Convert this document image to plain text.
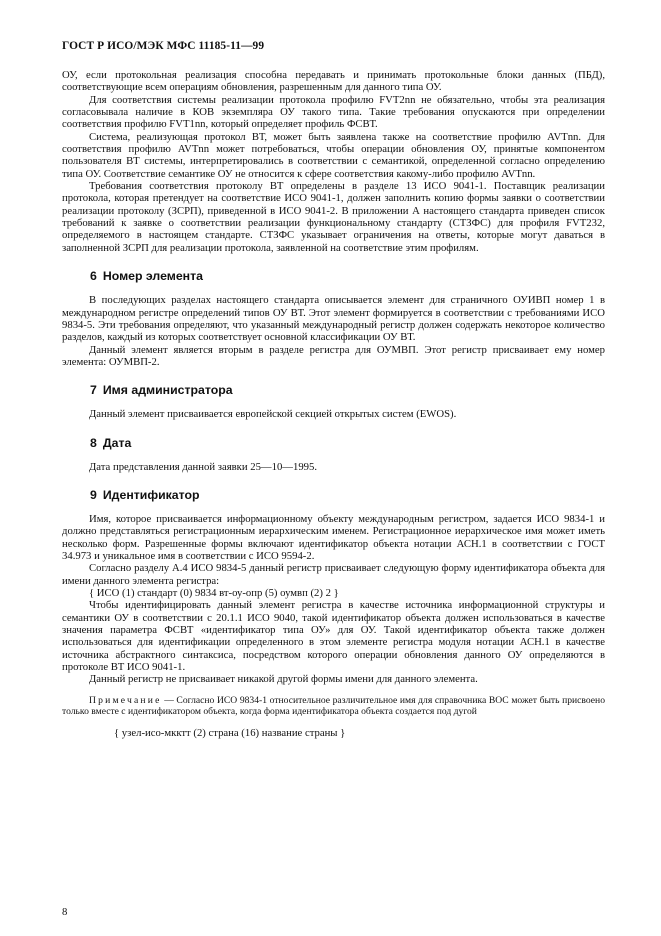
ГОСТ Р ИСО/МЭК МФС 11185-11—99

ОУ, если протокольная реализация способна передавать и принимать протокольные блоки данных (ПБД), соответствующие всем операциям обновления, разрешенным для данного типа ОУ.

Для соответствия системы реализации протокола профилю FVT2nn не обязательно, чтобы эта реализация согласовывала наличие в КОВ экземпляра ОУ такого типа. Такие требования опускаются при определении соответствия профилю FVT1nn, который определяет профиль ФСВТ.

Система, реализующая протокол ВТ, может быть заявлена также на соответствие профилю AVTnn. Для соответствия профилю AVTnn может потребоваться, чтобы операции обновления ОУ, принятые компонентом пользователя ВТ системы, интерпретировались в соответствии с семантикой, определенной согласно определению типа ОУ. Соответствие семантике ОУ не относится к сфере соответствия какому-либо профилю AVTnn.

Требования соответствия протоколу ВТ определены в разделе 13 ИСО 9041-1. Поставщик реализации протокола, которая претендует на соответствие ИСО 9041-1, должен заполнить копию формы заявки о соответствии реализации протоколу (ЗСРП), приведенной в ИСО 9041-2. В приложении А настоящего стандарта приведен список требований к заявке о соответствии реализации функциональному стандарту (СТЗФС) для профиля FVT232, определяемого в настоящем стандарте. СТЗФС указывает ограничения на ответы, которые могут даваться в заполненной ЗСРП для реализации протокола, заявленной на соответствие этим профилям.

6 Номер элемента

В последующих разделах настоящего стандарта описывается элемент для страничного ОУИВП номер 1 в международном регистре определений типов ОУ ВТ. Этот элемент формируется в соответствии с требованиями ИСО 9834-5. Эти требования определяют, что указанный международный регистр должен содержать некоторое количество разделов, каждый из которых соответствует основной классификации ОУ ВТ.

Данный элемент является вторым в разделе регистра для ОУМВП. Этот регистр присваивает ему номер элемента: ОУМВП-2.

7 Имя администратора

Данный элемент присваивается европейской секцией открытых систем (EWOS).

8 Дата

Дата представления данной заявки 25—10—1995.

9 Идентификатор

Имя, которое присваивается информационному объекту международным регистром, задается ИСО 9834-1 и должно представляться регистрационным иерархическим именем. Регистрационное иерархическое имя может иметь несколько форм. Разрешенные формы включают идентификатор объекта нотации АСН.1 в соответствии с ГОСТ 34.973 и уникальное имя в соответствии с ИСО 9594-2.

Согласно разделу А.4 ИСО 9834-5 данный регистр присваивает следующую форму идентификатора объекта для имени данного элемента регистра:

{ ИСО (1) стандарт (0) 9834 вт-оу-опр (5) оумвп (2) 2 }

Чтобы идентифицировать данный элемент регистра в качестве источника информационной структуры и семантики ОУ в соответствии с 20.1.1 ИСО 9040, такой идентификатор объекта должен использоваться в качестве значения параметра ФСВТ «идентификатор типа ОУ» для ОУ. Такой идентификатор объекта также должен использоваться для идентификации определенного в этом элементе регистра модуля нотации АСН.1 в качестве источника абстрактного синтаксиса, посредством которого операции обновления данного ОУ определяются в протоколе ВТ ИСО 9041-1.

Данный регистр не присваивает никакой другой формы имени для данного элемента.

Примечание — Согласно ИСО 9834-1 относительное различительное имя для справочника ВОС может быть присвоено только вместе с идентификатором объекта, когда форма идентификатора объекта создается под дугой
{ узел-исо-мкктт (2) страна (16) название страны }
8
